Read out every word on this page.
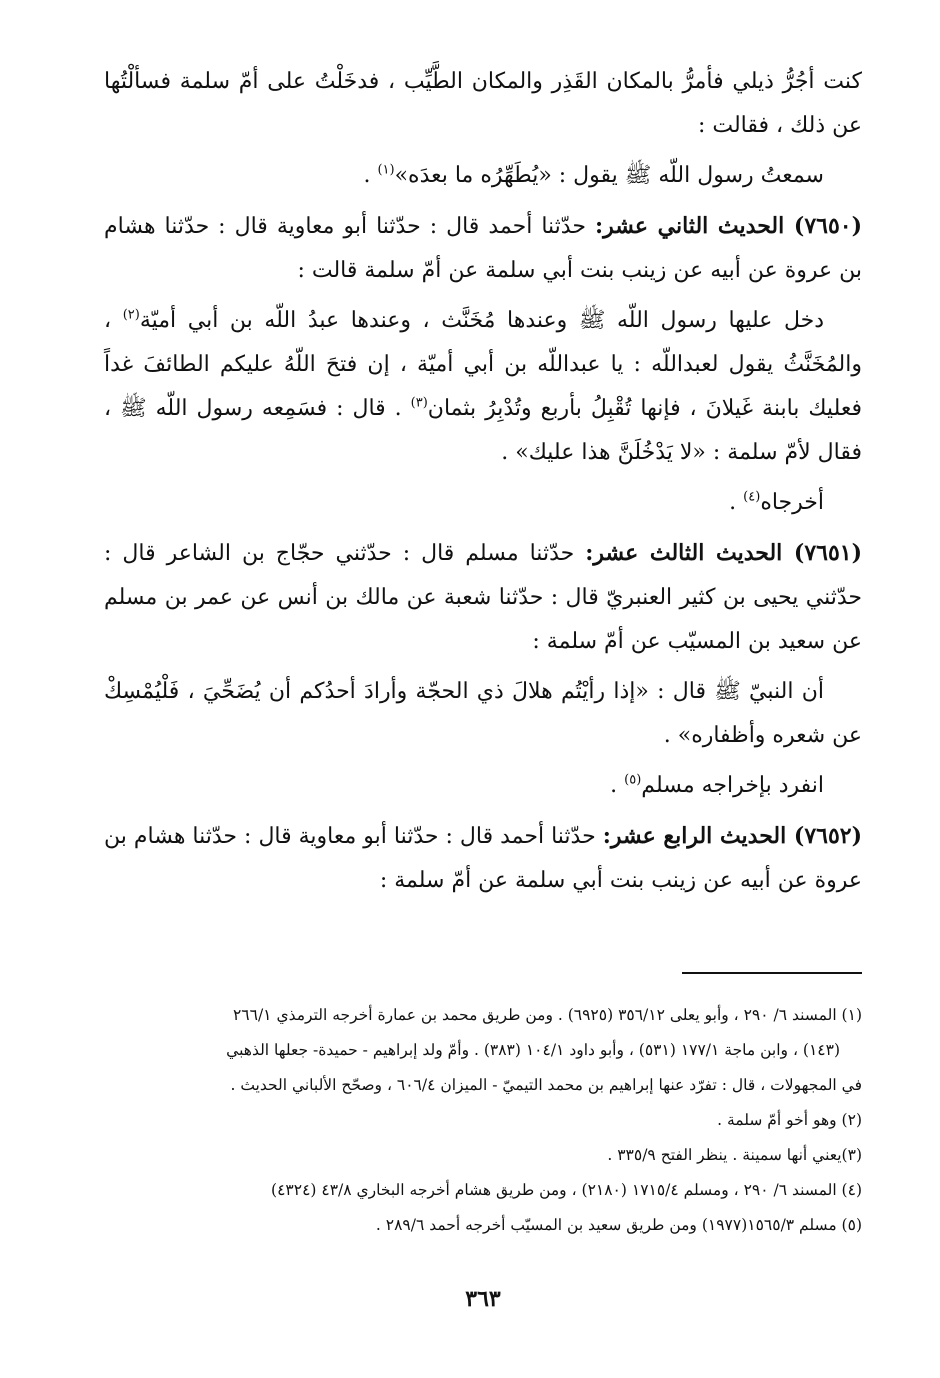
كنت أجُرُّ ذيلي فأمرُّ بالمكان القَذِر والمكان الطَّيِّب ، فدخَلْتُ على أمّ سلمة فسألْتُها عن ذلك ، فقالت :

سمعتُ رسول اللّه ﷺ يقول : «يُطَهِّرُه ما بعدَه»$^{(١)}$ .

(٧٦٥٠) الحديث الثاني عشر: حدّثنا أحمد قال : حدّثنا أبو معاوية قال : حدّثنا هشام بن عروة عن أبيه عن زينب بنت أبي سلمة عن أمّ سلمة قالت :

دخل عليها رسول اللّه ﷺ وعندها مُخَنَّث ، وعندها عبدُ اللّه بن أبي أميّة$^{(٢)}$ ، والمُخَنَّثُ يقول لعبداللّه : يا عبداللّه بن أبي أميّة ، إن فتحَ اللّهُ عليكم الطائفَ غداً فعليك بابنة غَيلانَ ، فإنها تُقْبِلُ بأربع وتُدْبِرُ بثمان$^{(٣)}$ . قال : فسَمِعه رسول اللّه ﷺ ، فقال لأمّ سلمة : «لا يَدْخُلَنَّ هذا عليك» .

أخرجاه$^{(٤)}$ .

(٧٦٥١) الحديث الثالث عشر: حدّثنا مسلم قال : حدّثني حجّاج بن الشاعر قال : حدّثني يحيى بن كثير العنبريّ قال : حدّثنا شعبة عن مالك بن أنس عن عمر بن مسلم عن سعيد بن المسيّب عن أمّ سلمة :

أن النبيّ ﷺ قال : «إذا رأيْتُم هلالَ ذي الحجّة وأرادَ أحدُكم أن يُضَحِّيَ ، فَلْيُمْسِكْ عن شعره وأظفاره» .

انفرد بإخراجه مسلم$^{(٥)}$ .

(٧٦٥٢) الحديث الرابع عشر: حدّثنا أحمد قال : حدّثنا أبو معاوية قال : حدّثنا هشام بن عروة عن أبيه عن زينب بنت أبي سلمة عن أمّ سلمة :

(١) المسند ٦/ ٢٩٠ ، وأبو يعلى ٣٥٦/١٢ (٦٩٢٥) . ومن طريق محمد بن عمارة أخرجه الترمذي ٢٦٦/١

(١٤٣) ، وابن ماجة ١٧٧/١ (٥٣١) ، وأبو داود ١٠٤/١ (٣٨٣) . وأمّ ولد إبراهيم - حميدة- جعلها الذهبي

في المجهولات ، قال : تفرّد عنها إبراهيم بن محمد التيميّ - الميزان ٦٠٦/٤ ، وصحّح الألباني الحديث .

(٢) وهو أخو أمّ سلمة .

(٣)يعني أنها سمينة . ينظر الفتح ٣٣٥/٩ .

(٤) المسند ٦/ ٢٩٠ ، ومسلم ١٧١٥/٤ (٢١٨٠) ، ومن طريق هشام أخرجه البخاري ٤٣/٨ (٤٣٢٤)

(٥) مسلم ١٥٦٥/٣(١٩٧٧) ومن طريق سعيد بن المسيّب أخرجه أحمد ٢٨٩/٦ .

٣٦٣
